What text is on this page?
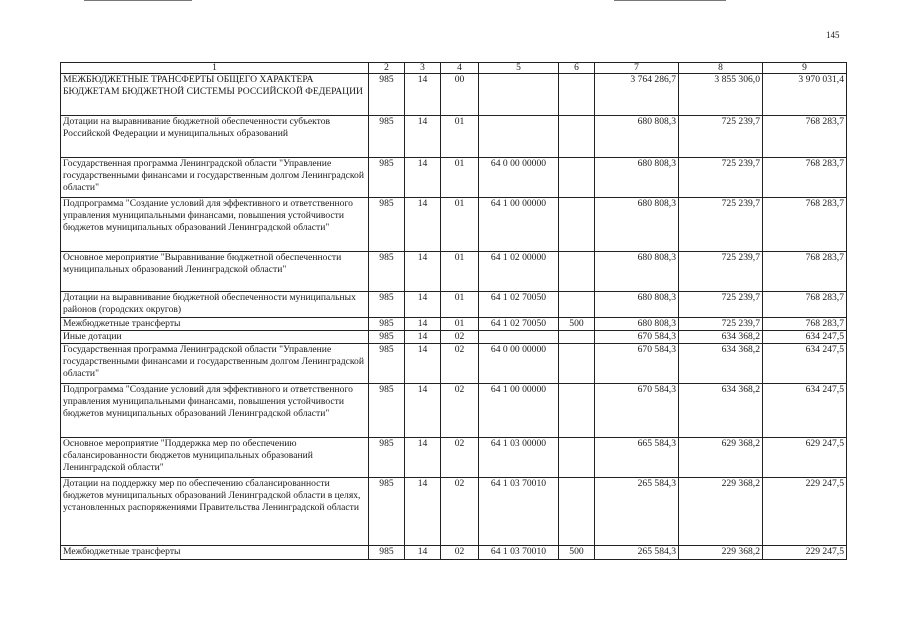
145
1	2	3	4	5	6	7	8	9
МЕЖБЮДЖЕТНЫЕ ТРАНСФЕРТЫ ОБЩЕГО ХАРАКТЕРА БЮДЖЕТАМ БЮДЖЕТНОЙ СИСТЕМЫ РОССИЙСКОЙ ФЕДЕРАЦИИ	985	14	00			3 764 286,7	3 855 306,0	3 970 031,4
Дотации на выравнивание бюджетной обеспеченности субъектов Российской Федерации и муниципальных образований	985	14	01			680 808,3	725 239,7	768 283,7
Государственная программа Ленинградской области "Управление государственными финансами и государственным долгом Ленинградской области"	985	14	01	64 0 00 00000		680 808,3	725 239,7	768 283,7
Подпрограмма "Создание условий для эффективного и ответственного управления муниципальными финансами, повышения устойчивости бюджетов муниципальных образований Ленинградской области"	985	14	01	64 1 00 00000		680 808,3	725 239,7	768 283,7
Основное мероприятие "Выравнивание бюджетной обеспеченности муниципальных образований Ленинградской области"	985	14	01	64 1 02 00000		680 808,3	725 239,7	768 283,7
Дотации на выравнивание бюджетной обеспеченности муниципальных районов (городских округов)	985	14	01	64 1 02 70050		680 808,3	725 239,7	768 283,7
Межбюджетные трансферты	985	14	01	64 1 02 70050	500	680 808,3	725 239,7	768 283,7
Иные дотации	985	14	02			670 584,3	634 368,2	634 247,5
Государственная программа Ленинградской области "Управление государственными финансами и государственным долгом Ленинградской области"	985	14	02	64 0 00 00000		670 584,3	634 368,2	634 247,5
Подпрограмма "Создание условий для эффективного и ответственного управления муниципальными финансами, повышения устойчивости бюджетов муниципальных образований Ленинградской области"	985	14	02	64 1 00 00000		670 584,3	634 368,2	634 247,5
Основное мероприятие "Поддержка мер по обеспечению сбалансированности бюджетов муниципальных образований Ленинградской области"	985	14	02	64 1 03 00000		665 584,3	629 368,2	629 247,5
Дотации на поддержку мер по обеспечению сбалансированности бюджетов муниципальных образований Ленинградской области в целях, установленных распоряжениями Правительства Ленинградской области	985	14	02	64 1 03 70010		265 584,3	229 368,2	229 247,5
Межбюджетные трансферты	985	14	02	64 1 03 70010	500	265 584,3	229 368,2	229 247,5
